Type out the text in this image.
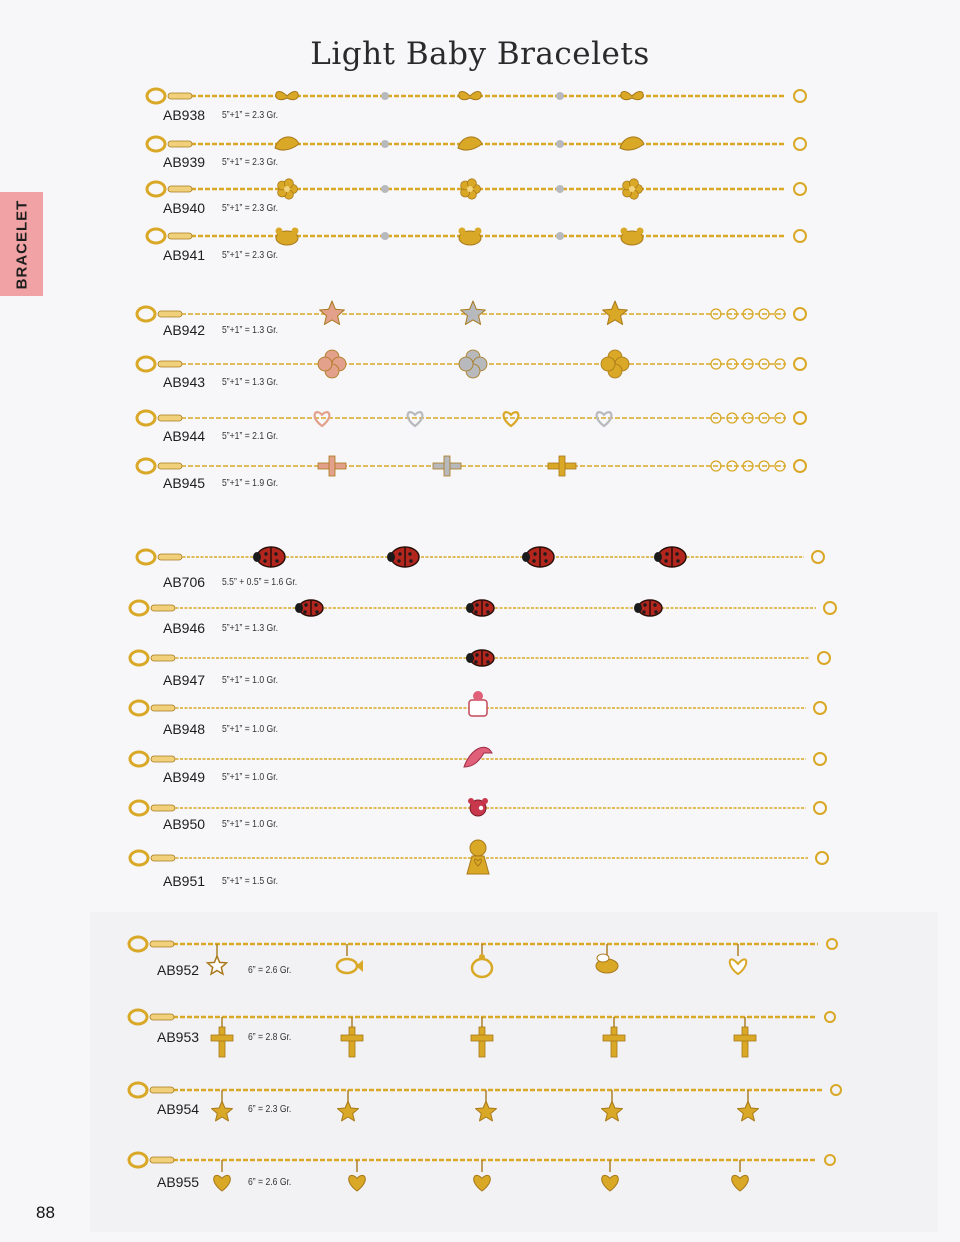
Light Baby Bracelets
BRACELET
88
AB938 5”+1” = 2.3 Gr.
AB939 5”+1” = 2.3 Gr.
AB940 5”+1” = 2.3 Gr.
AB941 5”+1” = 2.3 Gr.
AB942 5”+1” = 1.3 Gr.
AB943 5”+1” = 1.3 Gr.
AB944 5”+1” = 2.1 Gr.
AB945 5”+1” = 1.9 Gr.
AB706 5.5” + 0.5” = 1.6 Gr.
AB946 5”+1” = 1.3 Gr.
AB947 5”+1” = 1.0 Gr.
AB948 5”+1” = 1.0 Gr.
AB949 5”+1” = 1.0 Gr.
AB950 5”+1” = 1.0 Gr.
AB951 5”+1” = 1.5 Gr.
AB952	6” = 2.6 Gr.
AB953	6” = 2.8 Gr.
AB954	6” = 2.3 Gr.
AB955	6” = 2.6 Gr.
